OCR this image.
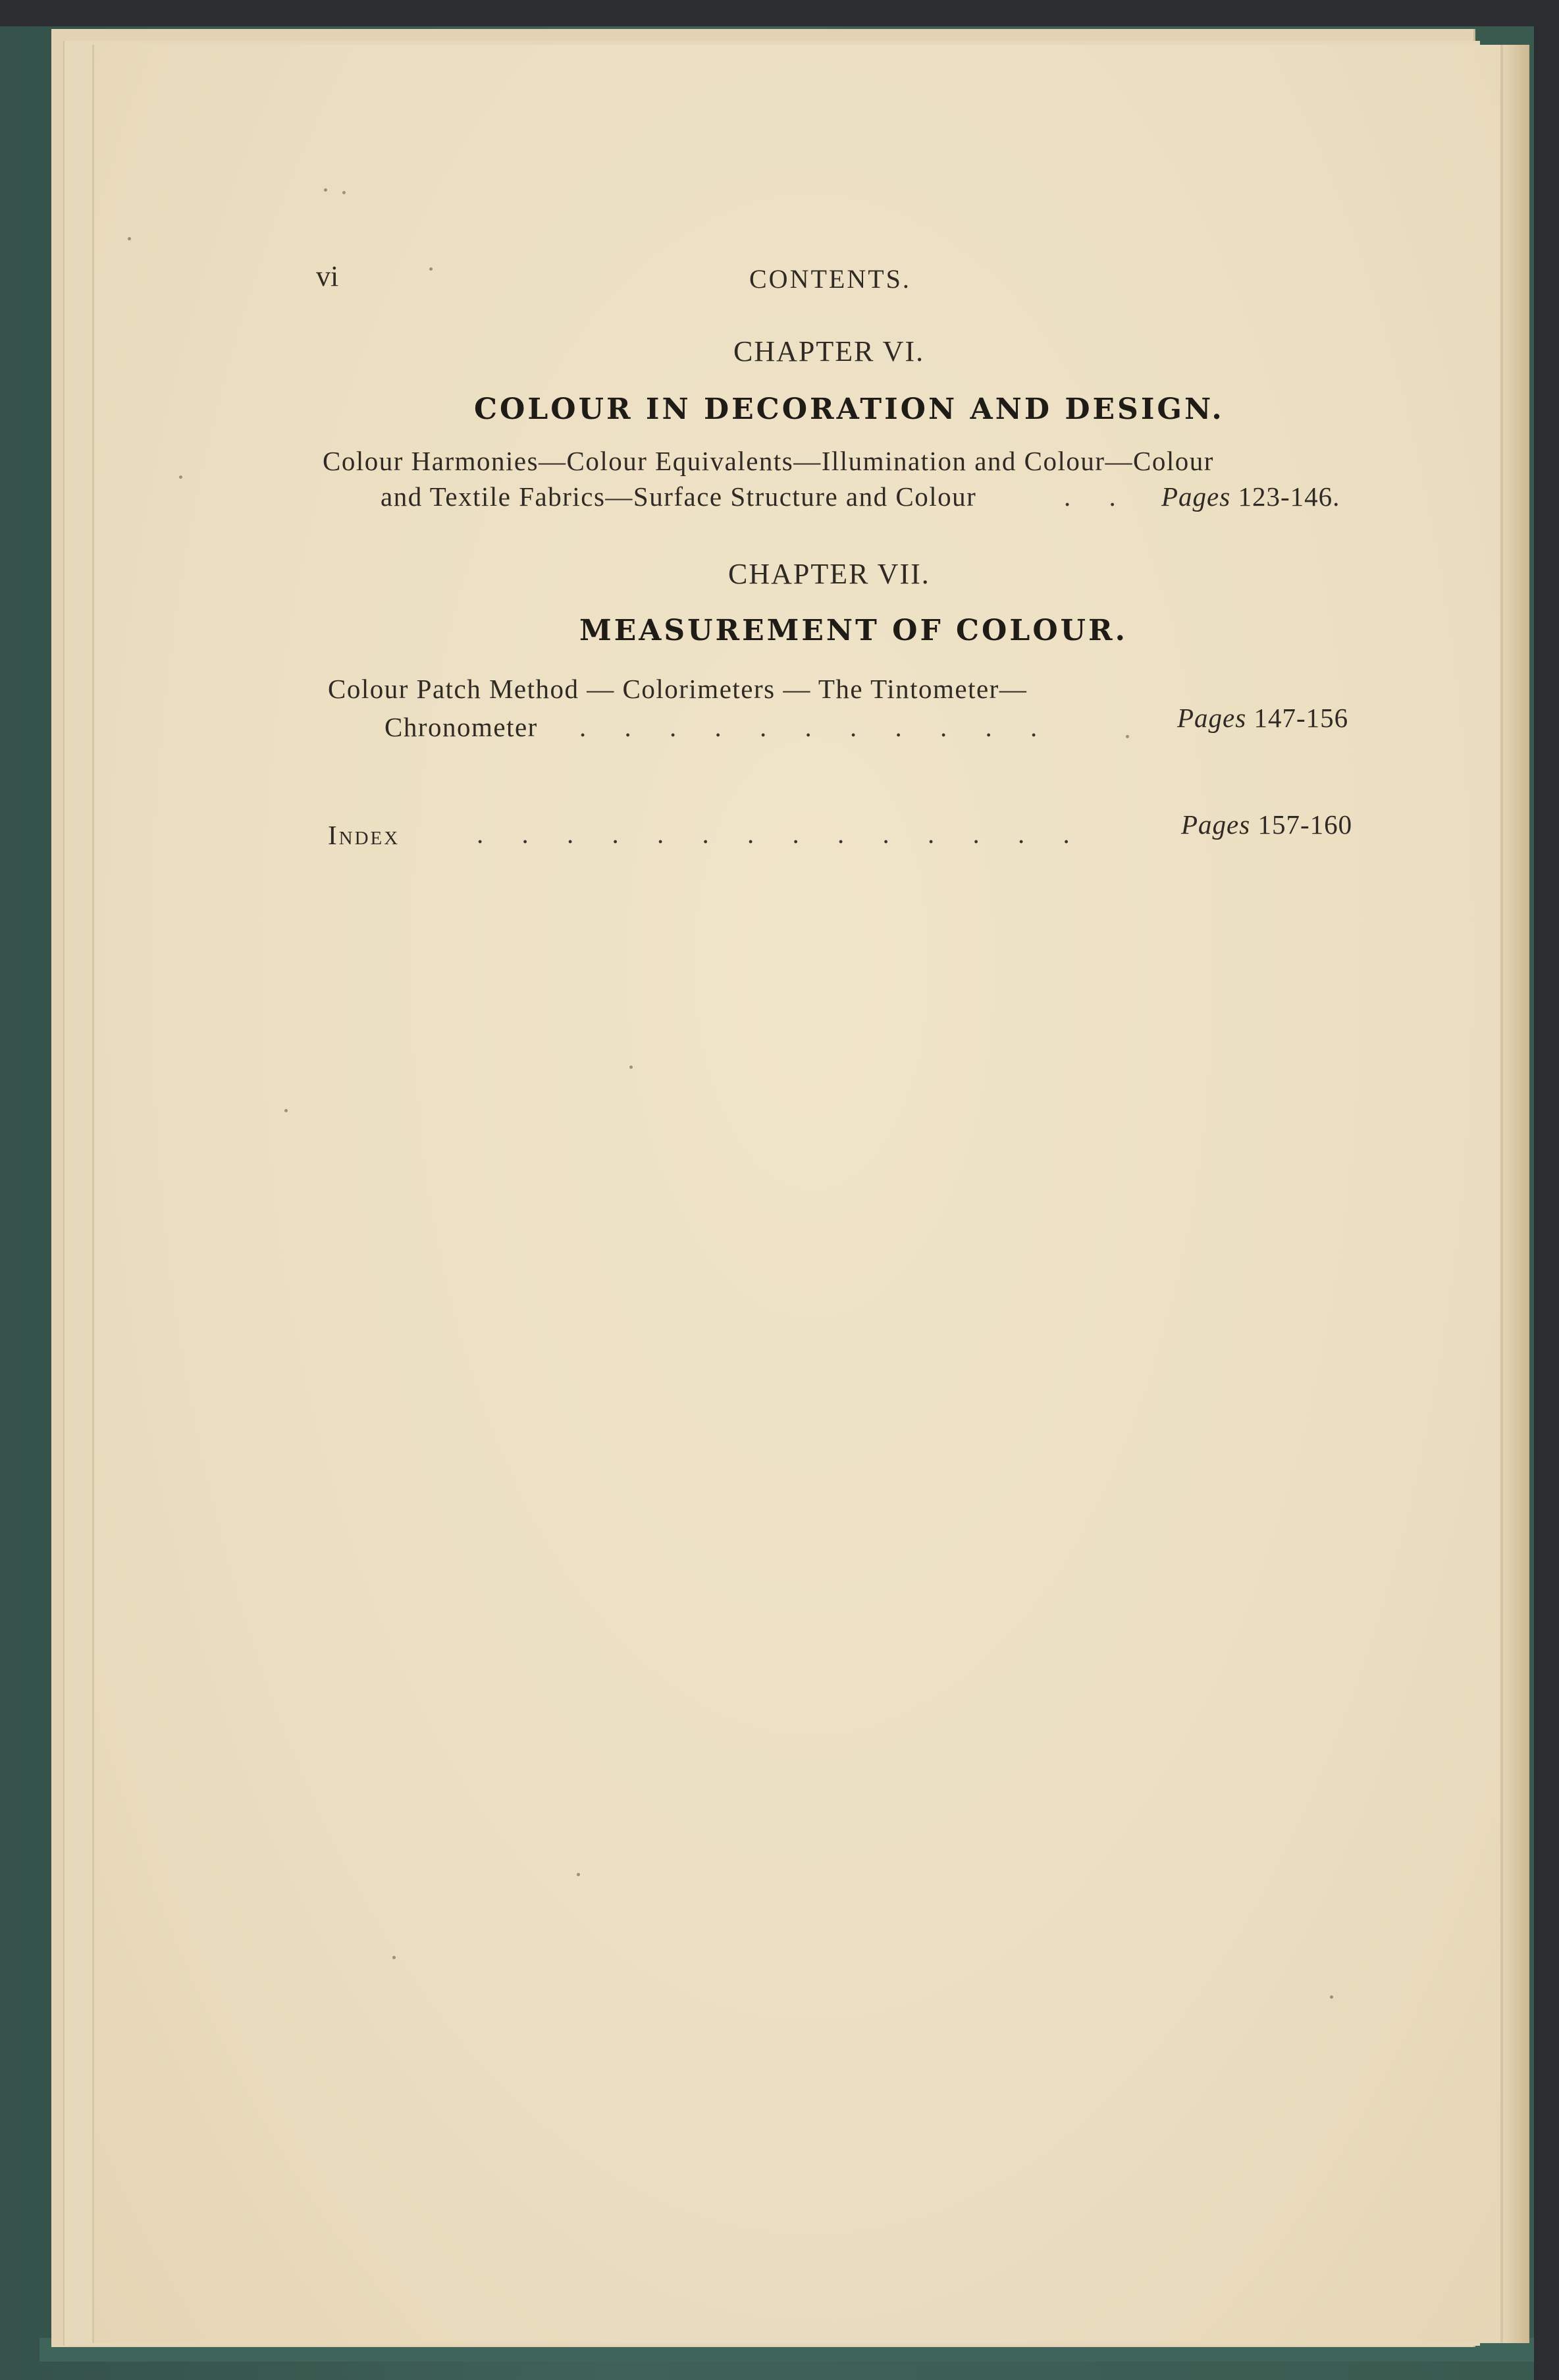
vi	CONTENTS.
CHAPTER VI.
COLOUR IN DECORATION AND DESIGN.
Colour Harmonies—Colour Equivalents—Illumination and Colour—Colour
and Textile Fabrics—Surface Structure and Colour	. . Pages 123-146.
CHAPTER VII.
MEASUREMENT OF COLOUR.
Colour Patch Method — Colorimeters — The Tintometer—
Chronometer . . . . . . . . . . .	Pages 147-156
Index	. . . . . . . . . . . . . .	Pages 157-160
